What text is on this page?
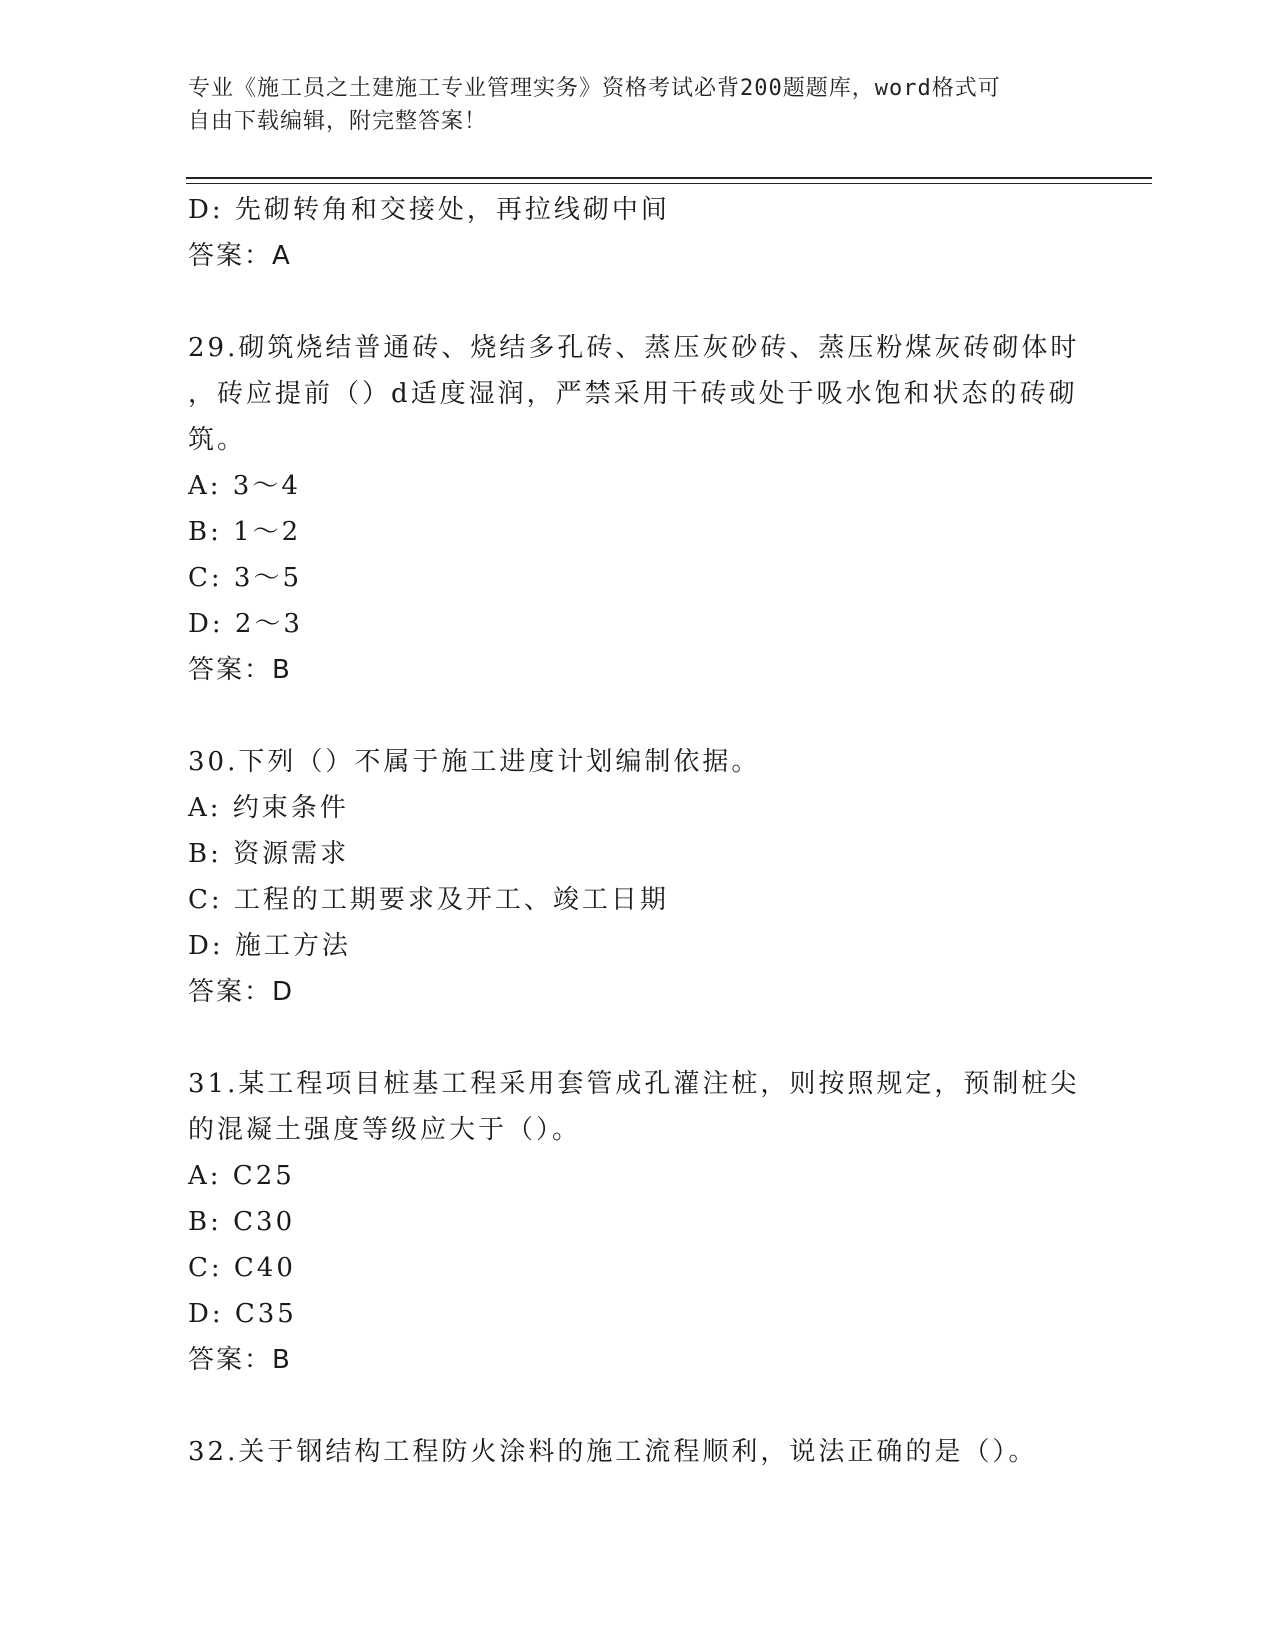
专业《施工员之土建施工专业管理实务》资格考试必背200题题库，word格式可
自由下载编辑，附完整答案！

D: 先砌转角和交接处，再拉线砌中间

答案：A

29.砌筑烧结普通砖、烧结多孔砖、蒸压灰砂砖、蒸压粉煤灰砖砌体时

，砖应提前（）d适度湿润，严禁采用干砖或处于吸水饱和状态的砖砌

筑。

A: 3～4

B: 1～2

C: 3～5

D: 2～3

答案：B

30.下列（）不属于施工进度计划编制依据。

A: 约束条件

B: 资源需求

C: 工程的工期要求及开工、竣工日期

D: 施工方法

答案：D

31.某工程项目桩基工程采用套管成孔灌注桩，则按照规定，预制桩尖

的混凝土强度等级应大于（）。

A: C25

B: C30

C: C40

D: C35

答案：B

32.关于钢结构工程防火涂料的施工流程顺利，说法正确的是（）。
